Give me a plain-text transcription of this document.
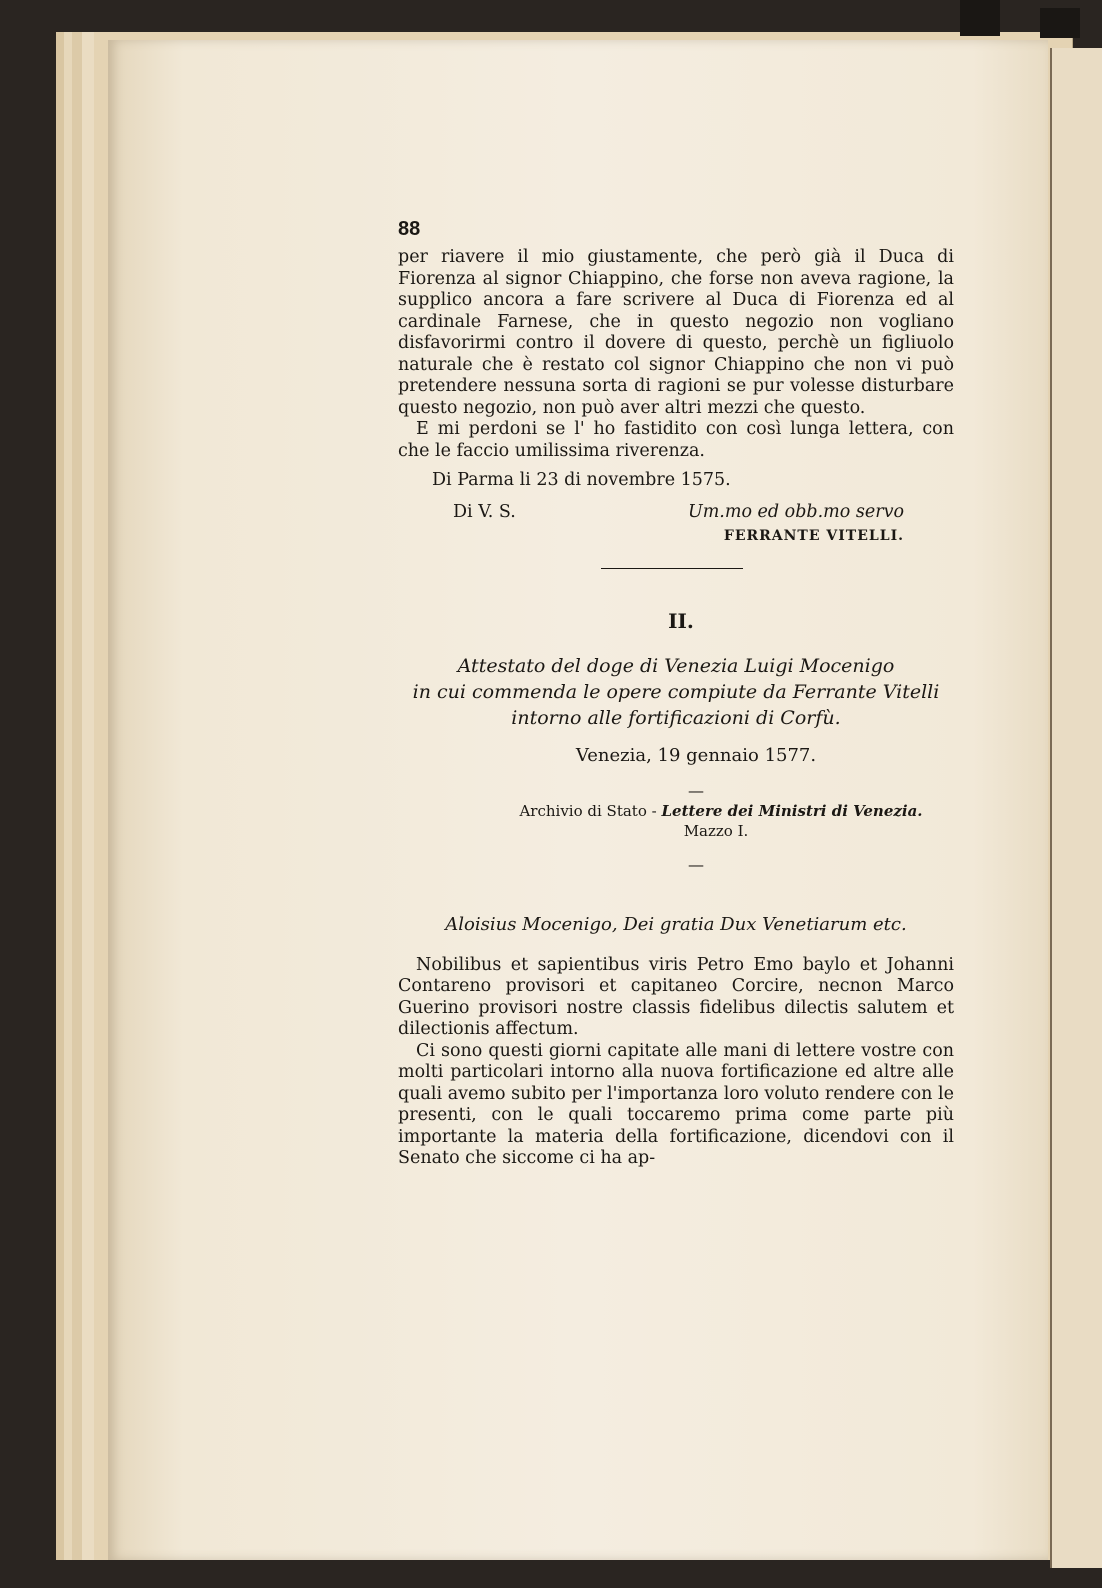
88

per riavere il mio giustamente, che però già il Duca di Fiorenza al signor Chiappino, che forse non aveva ragione, la supplico ancora a fare scrivere al Duca di Fiorenza ed al cardinale Farnese, che in questo negozio non vogliano disfavorirmi contro il dovere di questo, perchè un figliuolo naturale che è restato col signor Chiappino che non vi può pretendere nessuna sorta di ragioni se pur volesse disturbare questo negozio, non può aver altri mezzi che questo.

E mi perdoni se l' ho fastidito con così lunga lettera, con che le faccio umilissima riverenza.

Di Parma li 23 di novembre 1575.

Di V. S.	Um.mo ed obb.mo servo
FERRANTE VITELLI.
II.
Attestato del doge di Venezia Luigi Mocenigo
in cui commenda le opere compiute da Ferrante Vitelli
intorno alle fortificazioni di Corfù.
Venezia, 19 gennaio 1577.
—
Archivio di Stato - Lettere dei Ministri di Venezia.
Mazzo I.
—
Aloisius Mocenigo, Dei gratia Dux Venetiarum etc.

Nobilibus et sapientibus viris Petro Emo baylo et Johanni Contareno provisori et capitaneo Corcire, necnon Marco Guerino provisori nostre classis fidelibus dilectis salutem et dilectionis affectum.

Ci sono questi giorni capitate alle mani di lettere vostre con molti particolari intorno alla nuova fortificazione ed altre alle quali avemo subito per l'importanza loro voluto rendere con le presenti, con le quali toccaremo prima come parte più importante la materia della fortificazione, dicendovi con il Senato che siccome ci ha ap-
